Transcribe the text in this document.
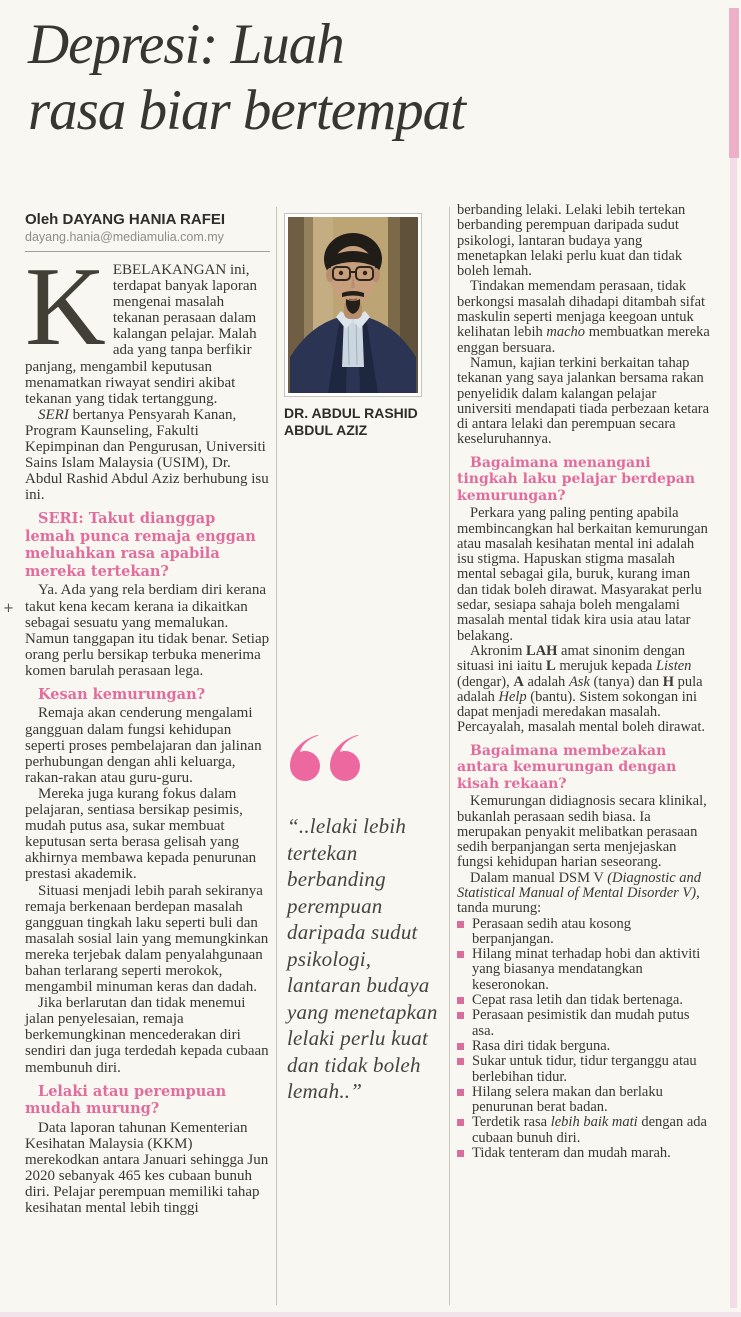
Depresi: Luah
rasa biar bertempat
+
Oleh DAYANG HANIA RAFEI
dayang.hania@mediamulia.com.my

KEBELAKANGAN ini, terdapat banyak laporan mengenai masalah tekanan perasaan dalam kalangan pelajar. Malah ada yang tanpa berfikir panjang, mengambil keputusan menamatkan riwayat sendiri akibat tekanan yang tidak tertanggung.

SERI bertanya Pensyarah Kanan, Program Kaunseling, Fakulti Kepimpinan dan Pengurusan, Universiti Sains Islam Malaysia (USIM), Dr. Abdul Rashid Abdul Aziz berhubung isu ini.

SERI: Takut dianggap lemah punca remaja enggan meluahkan rasa apabila mereka tertekan?

Ya. Ada yang rela berdiam diri kerana takut kena kecam kerana ia dikaitkan sebagai sesuatu yang memalukan. Namun tanggapan itu tidak benar. Setiap orang perlu bersikap terbuka menerima komen barulah perasaan lega.

Kesan kemurungan?

Remaja akan cenderung mengalami gangguan dalam fungsi kehidupan seperti proses pembelajaran dan jalinan perhubungan dengan ahli keluarga, rakan-rakan atau guru-guru.

Mereka juga kurang fokus dalam pelajaran, sentiasa bersikap pesimis, mudah putus asa, sukar membuat keputusan serta berasa gelisah yang akhirnya membawa kepada penurunan prestasi akademik.

Situasi menjadi lebih parah sekiranya remaja berkenaan berdepan masalah gangguan tingkah laku seperti buli dan masalah sosial lain yang memungkinkan mereka terjebak dalam penyalahgunaan bahan terlarang seperti merokok, mengambil minuman keras dan dadah.

Jika berlarutan dan tidak menemui jalan penyelesaian, remaja berkemungkinan mencederakan diri sendiri dan juga terdedah kepada cubaan membunuh diri.

Lelaki atau perempuan mudah murung?

Data laporan tahunan Kementerian Kesihatan Malaysia (KKM) merekodkan antara Januari sehingga Jun 2020 sebanyak 465 kes cubaan bunuh diri. Pelajar perempuan memiliki tahap kesihatan mental lebih tinggi

DR. ABDUL RASHID ABDUL AZIZ
“..lelaki lebih tertekan berbanding perempuan daripada sudut psikologi, lantaran budaya yang menetapkan lelaki perlu kuat dan tidak boleh lemah..”

berbanding lelaki. Lelaki lebih tertekan berbanding perempuan daripada sudut psikologi, lantaran budaya yang menetapkan lelaki perlu kuat dan tidak boleh lemah.

Tindakan memendam perasaan, tidak berkongsi masalah dihadapi ditambah sifat maskulin seperti menjaga keegoan untuk kelihatan lebih macho membuatkan mereka enggan bersuara.

Namun, kajian terkini berkaitan tahap tekanan yang saya jalankan bersama rakan penyelidik dalam kalangan pelajar universiti mendapati tiada perbezaan ketara di antara lelaki dan perempuan secara keseluruhannya.

Bagaimana menangani tingkah laku pelajar berdepan kemurungan?

Perkara yang paling penting apabila membincangkan hal berkaitan kemurungan atau masalah kesihatan mental ini adalah isu stigma. Hapuskan stigma masalah mental sebagai gila, buruk, kurang iman dan tidak boleh dirawat. Masyarakat perlu sedar, sesiapa sahaja boleh mengalami masalah mental tidak kira usia atau latar belakang.

Akronim LAH amat sinonim dengan situasi ini iaitu L merujuk kepada Listen (dengar), A adalah Ask (tanya) dan H pula adalah Help (bantu). Sistem sokongan ini dapat menjadi meredakan masalah. Percayalah, masalah mental boleh dirawat.

Bagaimana membezakan antara kemurungan dengan kisah rekaan?

Kemurungan didiagnosis secara klinikal, bukanlah perasaan sedih biasa. Ia merupakan penyakit melibatkan perasaan sedih berpanjangan serta menjejaskan fungsi kehidupan harian seseorang.

Dalam manual DSM V (Diagnostic and Statistical Manual of Mental Disorder V), tanda murung:

Perasaan sedih atau kosong berpanjangan.
Hilang minat terhadap hobi dan aktiviti yang biasanya mendatangkan keseronokan.
Cepat rasa letih dan tidak bertenaga.
Perasaan pesimistik dan mudah putus asa.
Rasa diri tidak berguna.
Sukar untuk tidur, tidur terganggu atau berlebihan tidur.
Hilang selera makan dan berlaku penurunan berat badan.
Terdetik rasa lebih baik mati dengan ada cubaan bunuh diri.
Tidak tenteram dan mudah marah.
